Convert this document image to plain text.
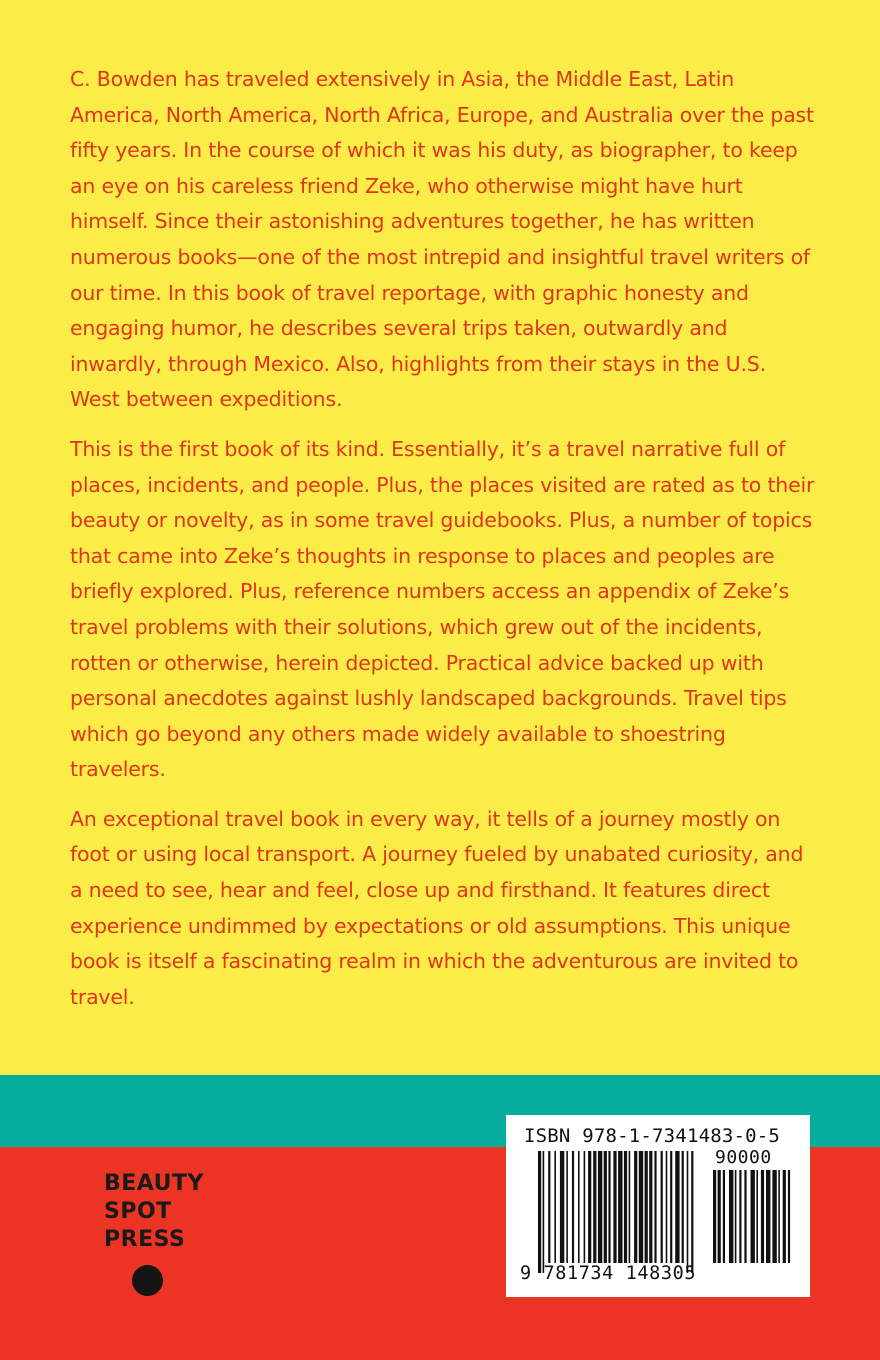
C. Bowden has traveled extensively in Asia, the Middle East, Latin America, North America, North Africa, Europe, and Australia over the past fifty years. In the course of which it was his duty, as biographer, to keep an eye on his careless friend Zeke, who otherwise might have hurt himself. Since their astonishing adventures together, he has written numerous books—one of the most intrepid and insightful travel writers of our time. In this book of travel reportage, with graphic honesty and engaging humor, he describes several trips taken, outwardly and inwardly, through Mexico. Also, highlights from their stays in the U.S. West between expeditions.

This is the first book of its kind. Essentially, it’s a travel narrative full of places, incidents, and people. Plus, the places visited are rated as to their beauty or novelty, as in some travel guidebooks. Plus, a number of topics that came into Zeke’s thoughts in response to places and peoples are briefly explored. Plus, reference numbers access an appendix of Zeke’s travel problems with their solutions, which grew out of the incidents, rotten or otherwise, herein depicted. Practical advice backed up with personal anecdotes against lushly landscaped backgrounds. Travel tips which go beyond any others made widely available to shoestring travelers.

An exceptional travel book in every way, it tells of a journey mostly on foot or using local transport. A journey fueled by unabated curiosity, and a need to see, hear and feel, close up and firsthand. It features direct experience undimmed by expectations or old assumptions. This unique book is itself a fascinating realm in which the adventurous are invited to travel.

BEAUTY
SPOT
PRESS
ISBN 978-1-7341483-0-5
90000
9 781734 148305
